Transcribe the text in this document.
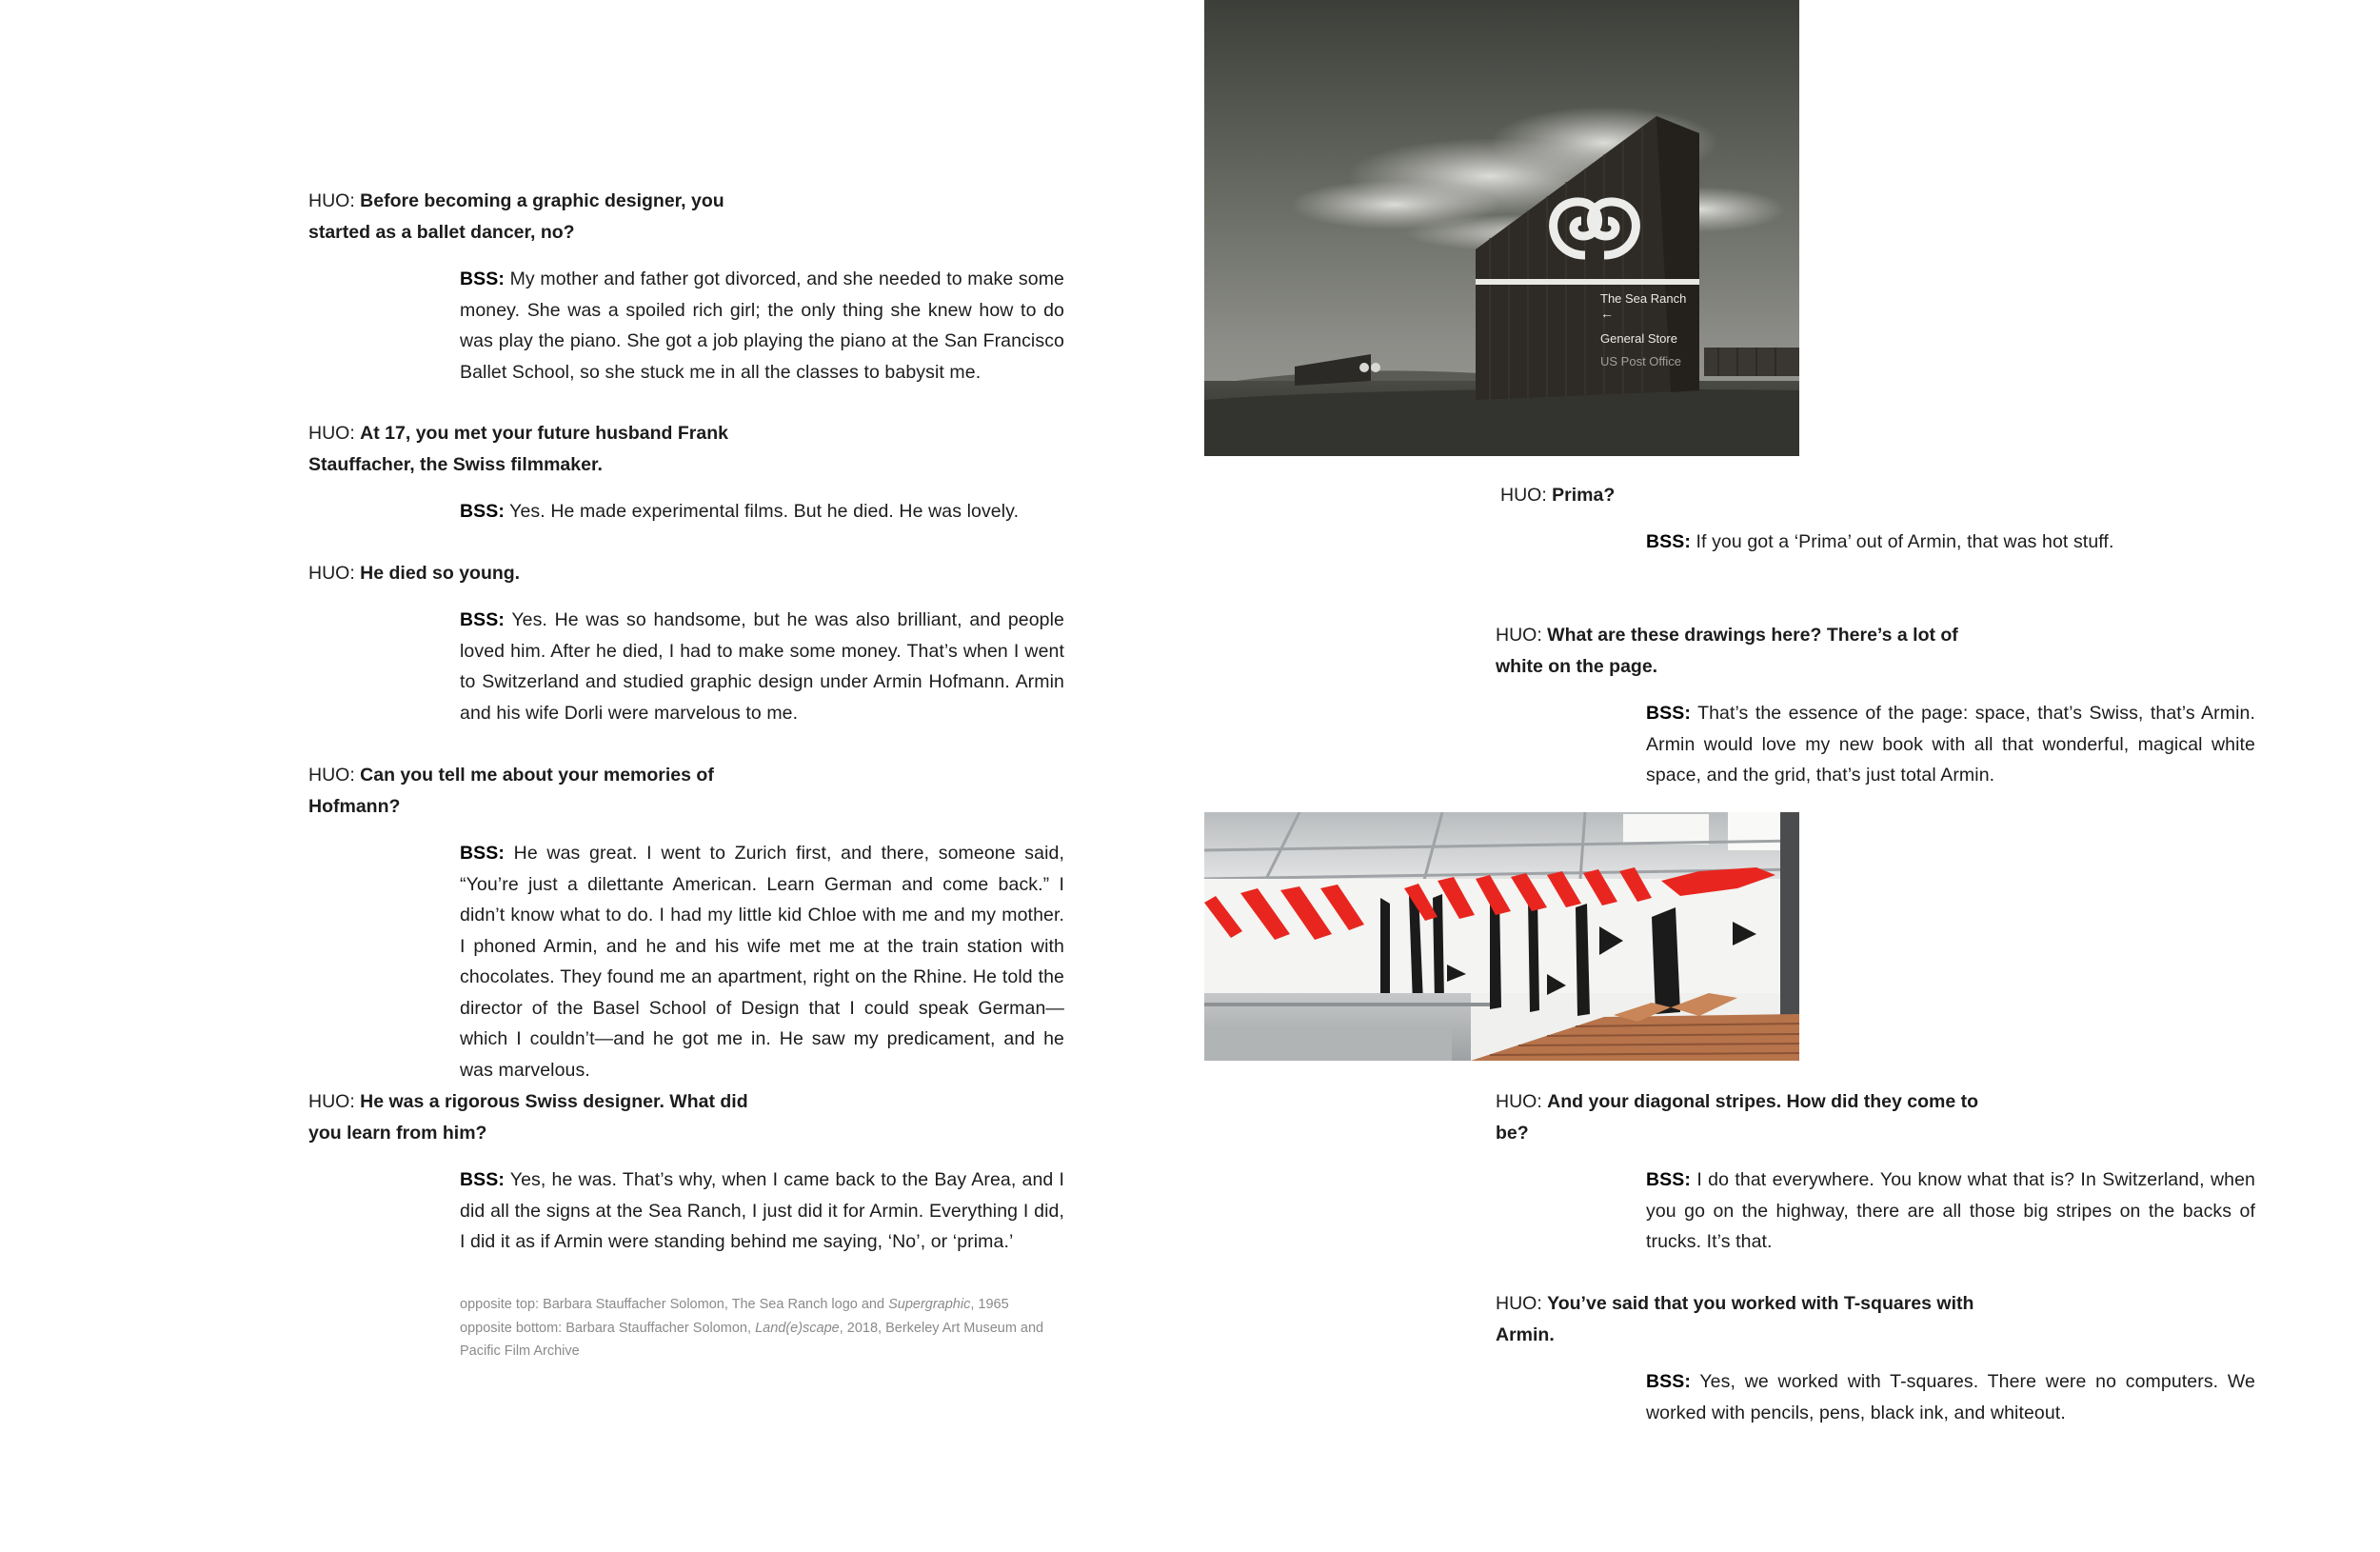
HUO: Before becoming a graphic designer, you started as a ballet dancer, no?
BSS: My mother and father got divorced, and she needed to make some money. She was a spoiled rich girl; the only thing she knew how to do was play the piano. She got a job playing the piano at the San Francisco Ballet School, so she stuck me in all the classes to babysit me.
HUO: At 17, you met your future husband Frank Stauffacher, the Swiss filmmaker.
BSS: Yes. He made experimental films. But he died. He was lovely.
HUO: He died so young.
BSS: Yes. He was so handsome, but he was also brilliant, and people loved him. After he died, I had to make some money. That’s when I went to Switzerland and studied graphic design under Armin Hofmann. Armin and his wife Dorli were marvelous to me.
HUO: Can you tell me about your memories of Hofmann?
BSS: He was great. I went to Zurich first, and there, someone said, “You’re just a dilettante American. Learn German and come back.” I didn’t know what to do. I had my little kid Chloe with me and my mother. I phoned Armin, and he and his wife met me at the train station with chocolates. They found me an apartment, right on the Rhine. He told the director of the Basel School of Design that I could speak German—which I couldn’t—and he got me in. He saw my predicament, and he was marvelous.
HUO: He was a rigorous Swiss designer. What did you learn from him?
BSS: Yes, he was. That’s why, when I came back to the Bay Area, and I did all the signs at the Sea Ranch, I just did it for Armin. Everything I did, I did it as if Armin were standing behind me saying, ‘No’, or ‘prima.’
opposite top: Barbara Stauffacher Solomon, The Sea Ranch logo and Supergraphic, 1965
opposite bottom: Barbara Stauffacher Solomon, Land(e)scape, 2018, Berkeley Art Museum and Pacific Film Archive
The Sea Ranch
←
General Store
US Post Office
HUO: Prima?
BSS: If you got a ‘Prima’ out of Armin, that was hot stuff.
HUO: What are these drawings here? There’s a lot of white on the page.
BSS: That’s the essence of the page: space, that’s Swiss, that’s Armin. Armin would love my new book with all that wonderful, magical white space, and the grid, that’s just total Armin.
HUO: And your diagonal stripes. How did they come to be?
BSS: I do that everywhere. You know what that is? In Switzerland, when you go on the highway, there are all those big stripes on the backs of trucks. It’s that.
HUO: You’ve said that you worked with T-squares with Armin.
BSS: Yes, we worked with T-squares. There were no computers. We worked with pencils, pens, black ink, and whiteout.
